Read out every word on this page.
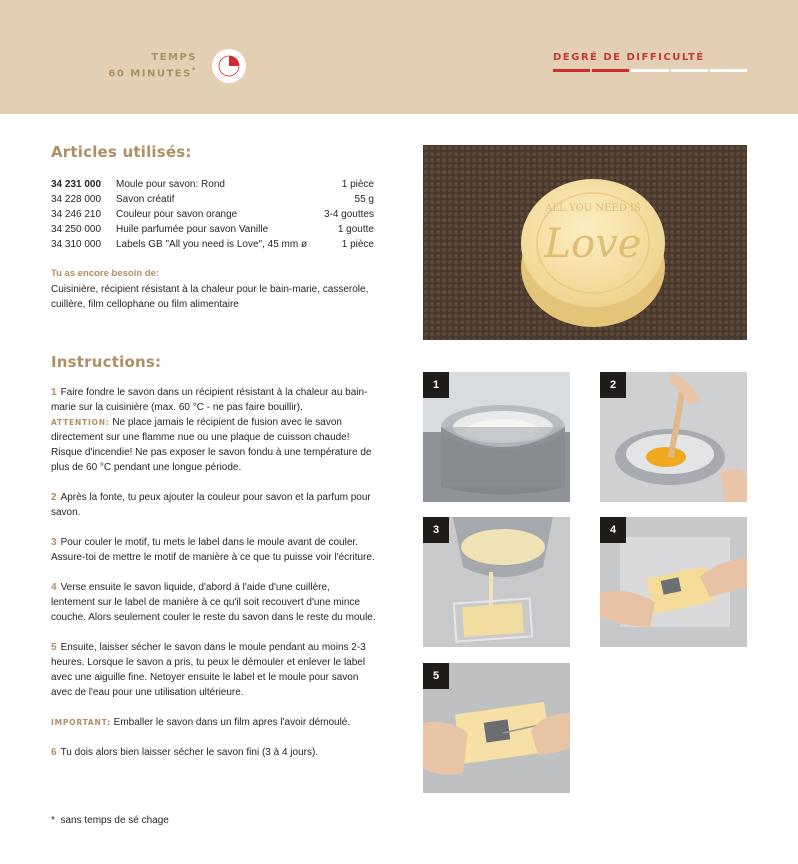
TEMPS
60 MINUTES*
DEGRÉ DE DIFFICULTÉ
Articles utilisés:
34 231 000	Moule pour savon: Rond	1 pièce
34 228 000	Savon créatif	55 g
34 246 210	Couleur pour savon orange	3-4 gouttes
34 250 000	Huile parfumée pour savon Vanille	1 goutte
34 310 000	Labels GB "All you need is Love", 45 mm ø	1 pièce
Tu as encore besoin de:
Cuisinière, récipient résistant à la chaleur pour le bain-marie, casserole, cuillère, film cellophane ou film alimentaire
Instructions:
1 Faire fondre le savon dans un récipient résistant à la chaleur au bain-marie sur la cuisinière (max. 60 °C - ne pas faire bouillir).
ATTENTION: Ne place jamais le récipient de fusion avec le savon directement sur une flamme nue ou une plaque de cuisson chaude! Risque d'incendie! Ne pas exposer le savon fondu à une température de plus de 60 °C pendant une longue période.
2 Après la fonte, tu peux ajouter la couleur pour savon et la parfum pour savon.
3 Pour couler le motif, tu mets le label dans le moule avant de couler. Assure-toi de mettre le motif de manière à ce que tu puisse voir l'écriture.
4 Verse ensuite le savon liquide, d'abord à l'aide d'une cuillère, lentement sur le label de manière à ce qu'il soit recouvert d'une mince couche. Alors seulement couler le reste du savon dans le reste du moule.
5 Ensuite, laisser sécher le savon dans le moule pendant au moins 2-3 heures. Lorsque le savon a pris, tu peux le démouler et enlever le label avec une aiguille fine. Netoyer ensuite le label et le moule pour savon avec de l'eau pour une utilisation ultérieure.
IMPORTANT: Emballer le savon dans un film apres l'avoir démoulé.
6 Tu dois alors bien laisser sécher le savon fini (3 à 4 jours).
* sans temps de sé chage
ALL YOU NEED IS
Love
1	2
3	4
5
